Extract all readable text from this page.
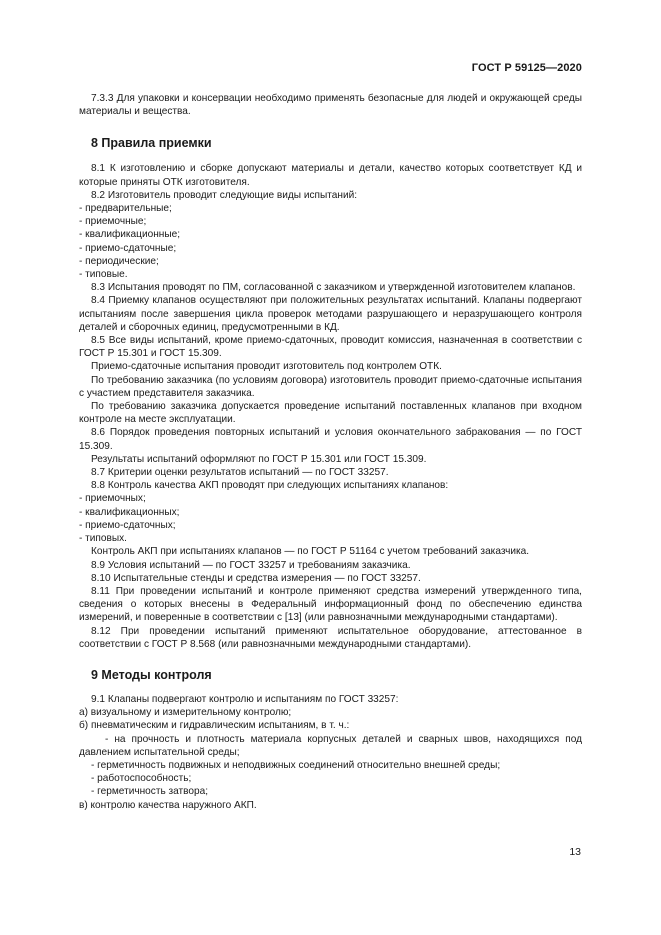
ГОСТ Р 59125—2020

7.3.3 Для упаковки и консервации необходимо применять безопасные для людей и окружающей среды материалы и вещества.

8 Правила приемки

8.1 К изготовлению и сборке допускают материалы и детали, качество которых соответствует КД и которые приняты ОТК изготовителя.

8.2 Изготовитель проводит следующие виды испытаний:

- предварительные;

- приемочные;

- квалификационные;

- приемо-сдаточные;

- периодические;

- типовые.

8.3 Испытания проводят по ПМ, согласованной с заказчиком и утвержденной изготовителем клапанов.

8.4 Приемку клапанов осуществляют при положительных результатах испытаний. Клапаны подвергают испытаниям после завершения цикла проверок методами разрушающего и неразрушающего контроля деталей и сборочных единиц, предусмотренными в КД.

8.5 Все виды испытаний, кроме приемо-сдаточных, проводит комиссия, назначенная в соответствии с ГОСТ Р 15.301 и ГОСТ 15.309.

Приемо-сдаточные испытания проводит изготовитель под контролем ОТК.

По требованию заказчика (по условиям договора) изготовитель проводит приемо-сдаточные испытания с участием представителя заказчика.

По требованию заказчика допускается проведение испытаний поставленных клапанов при входном контроле на месте эксплуатации.

8.6 Порядок проведения повторных испытаний и условия окончательного забракования — по ГОСТ 15.309.

Результаты испытаний оформляют по ГОСТ Р 15.301 или ГОСТ 15.309.

8.7 Критерии оценки результатов испытаний — по ГОСТ 33257.

8.8 Контроль качества АКП проводят при следующих испытаниях клапанов:

- приемочных;

- квалификационных;

- приемо-сдаточных;

- типовых.

Контроль АКП при испытаниях клапанов — по ГОСТ Р 51164 с учетом требований заказчика.

8.9 Условия испытаний — по ГОСТ 33257 и требованиям заказчика.

8.10 Испытательные стенды и средства измерения — по ГОСТ 33257.

8.11 При проведении испытаний и контроле применяют средства измерений утвержденного типа, сведения о которых внесены в Федеральный информационный фонд по обеспечению единства измерений, и поверенные в соответствии с [13] (или равнозначными международными стандартами).

8.12 При проведении испытаний применяют испытательное оборудование, аттестованное в соответствии с ГОСТ Р 8.568 (или равнозначными международными стандартами).

9 Методы контроля

9.1 Клапаны подвергают контролю и испытаниям по ГОСТ 33257:

а) визуальному и измерительному контролю;

б) пневматическим и гидравлическим испытаниям, в т. ч.:

- на прочность и плотность материала корпусных деталей и сварных швов, находящихся под давлением испытательной среды;

- герметичность подвижных и неподвижных соединений относительно внешней среды;

- работоспособность;

- герметичность затвора;

в) контролю качества наружного АКП.

13
